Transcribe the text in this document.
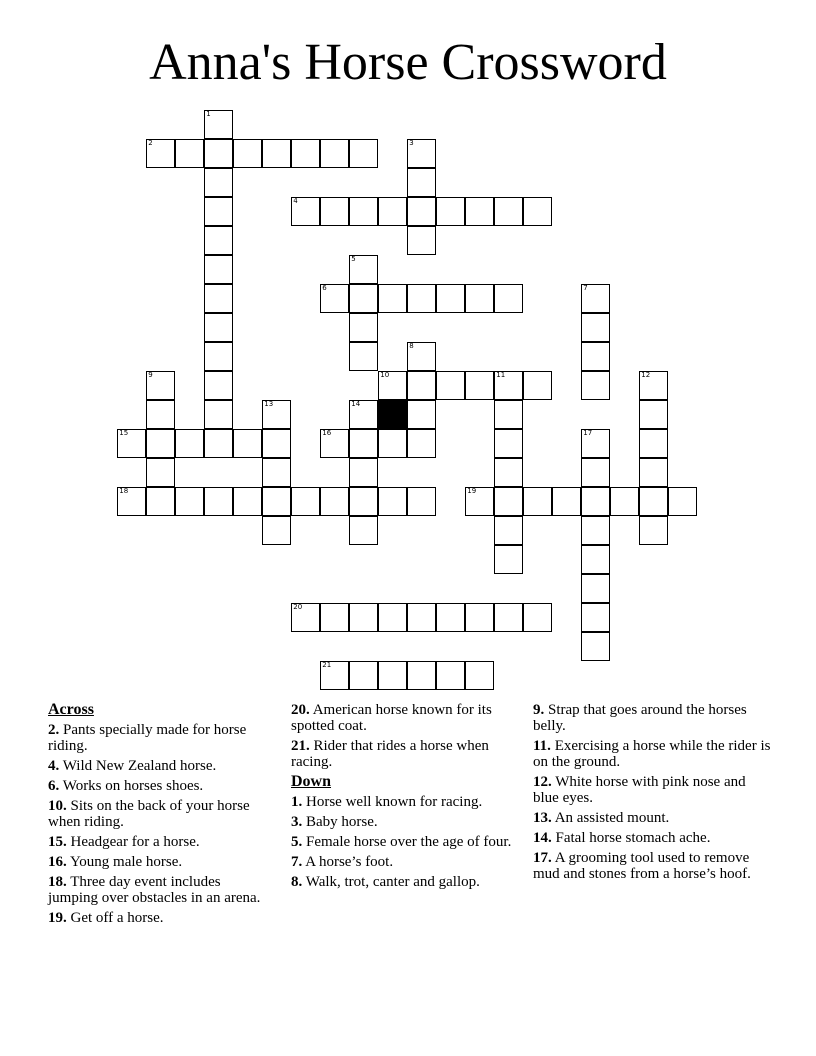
Anna's Horse Crossword
1
2	3
4
5
6	7
8
9	10	11	12
13	14
15	16	17
18	19
20
21
Across
2. Pants specially made for horse riding.
4. Wild New Zealand horse.
6. Works on horses shoes.
10. Sits on the back of your horse when riding.
15. Headgear for a horse.
16. Young male horse.
18. Three day event includes jumping over obstacles in an arena.
19. Get off a horse.
20. American horse known for its spotted coat.
21. Rider that rides a horse when racing.
Down
1. Horse well known for racing.
3. Baby horse.
5. Female horse over the age of four.
7. A horse’s foot.
8. Walk, trot, canter and gallop.
9. Strap that goes around the horses belly.
11. Exercising a horse while the rider is on the ground.
12. White horse with pink nose and blue eyes.
13. An assisted mount.
14. Fatal horse stomach ache.
17. A grooming tool used to remove mud and stones from a horse’s hoof.
